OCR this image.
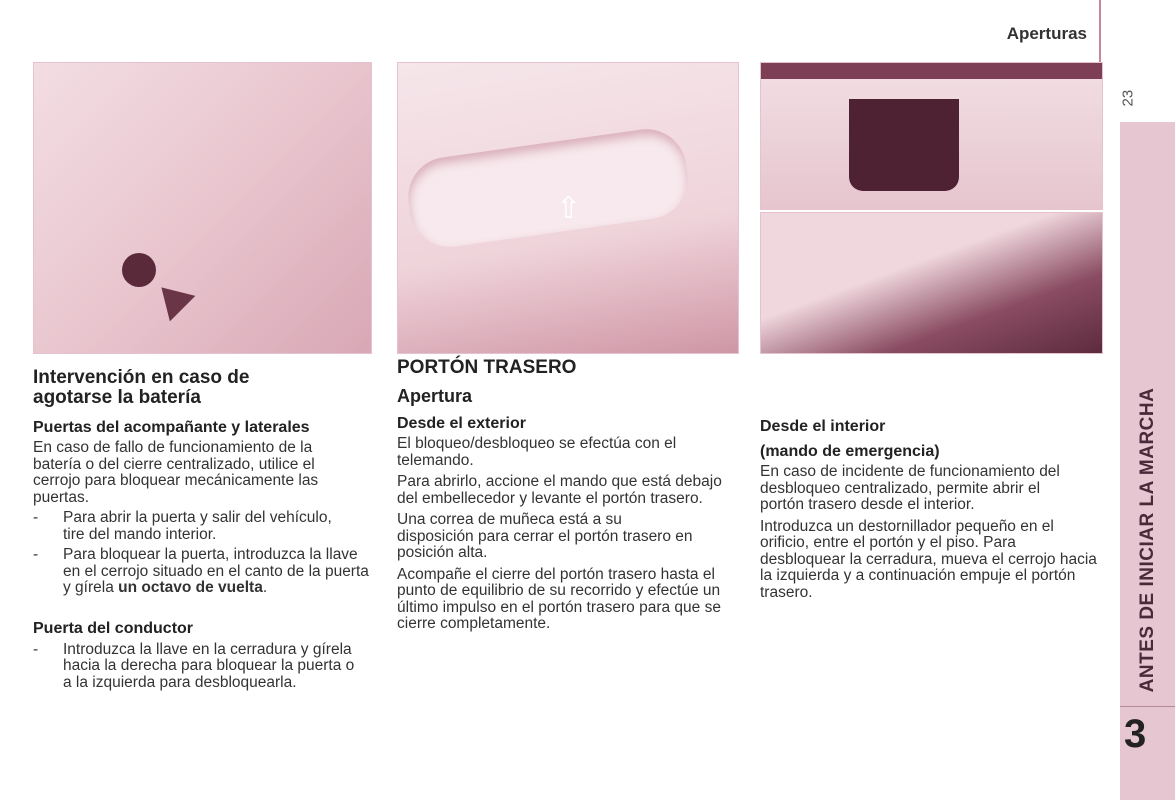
Aperturas
⇧
Intervención en caso de agotarse la batería
Puertas del acompañante y laterales

En caso de fallo de funcionamiento de la batería o del cierre centralizado, utilice el cerrojo para bloquear mecánicamente las puertas.

-	Para abrir la puerta y salir del vehículo, tire del mando interior.
-	Para bloquear la puerta, introduzca la llave en el cerrojo situado en el canto de la puerta y gírela un octavo de vuelta.
Puerta del conductor
-	Introduzca la llave en la cerradura y gírela hacia la derecha para bloquear la puerta o a la izquierda para desbloquearla.
PORTÓN TRASERO
Apertura
Desde el exterior

El bloqueo/desbloqueo se efectúa con el telemando.

Para abrirlo, accione el mando que está debajo del embellecedor y levante el portón trasero.

Una correa de muñeca está a su disposición para cerrar el portón trasero en posición alta.

Acompañe el cierre del portón trasero hasta el punto de equilibrio de su recorrido y efectúe un último impulso en el portón trasero para que se cierre completamente.

Desde el interior
(mando de emergencia)

En caso de incidente de funcionamiento del desbloqueo centralizado, permite abrir el portón trasero desde el interior.

Introduzca un destornillador pequeño en el orificio, entre el portón y el piso. Para desbloquear la cerradura, mueva el cerrojo hacia la izquierda y a continuación empuje el portón trasero.

23
ANTES DE INICIAR LA MARCHA
3
